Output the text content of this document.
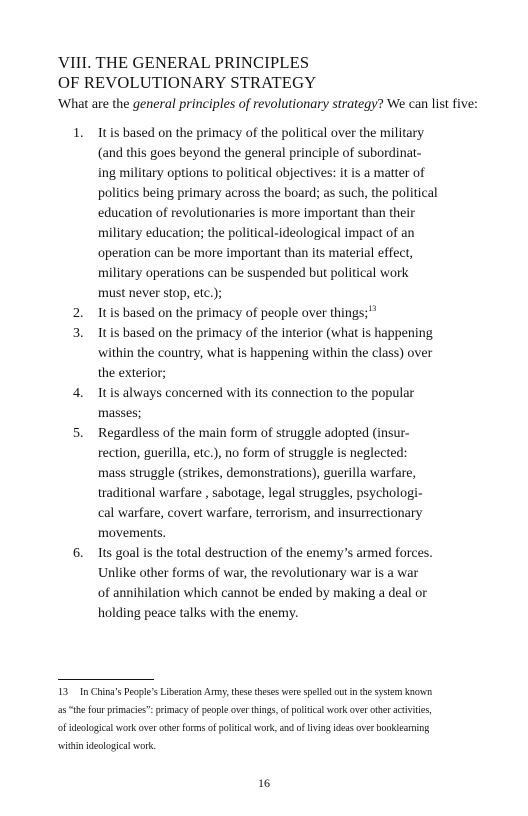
VIII. THE GENERAL PRINCIPLES
OF REVOLUTIONARY STRATEGY

What are the general principles of revolutionary strategy? We can list five:

1. It is based on the primacy of the political over the military
(and this goes beyond the general principle of subordinat-
ing military options to political objectives: it is a matter of
politics being primary across the board; as such, the political
education of revolutionaries is more important than their
military education; the political-ideological impact of an
operation can be more important than its material effect,
military operations can be suspended but political work
must never stop, etc.);
2. It is based on the primacy of people over things;$^{13}$
3. It is based on the primacy of the interior (what is happening
within the country, what is happening within the class) over
the exterior;
4. It is always concerned with its connection to the popular
masses;
5. Regardless of the main form of struggle adopted (insur-
rection, guerilla, etc.), no form of struggle is neglected:
mass struggle (strikes, demonstrations), guerilla warfare,
traditional warfare , sabotage, legal struggles, psychologi-
cal warfare, covert warfare, terrorism, and insurrectionary
movements.
6. Its goal is the total destruction of the enemy’s armed forces.
Unlike other forms of war, the revolutionary war is a war
of annihilation which cannot be ended by making a deal or
holding peace talks with the enemy.
13 In China’s People’s Liberation Army, these theses were spelled out in the system known
as “the four primacies”: primacy of people over things, of political work over other activities,
of ideological work over other forms of political work, and of living ideas over booklearning
within ideological work.
16
